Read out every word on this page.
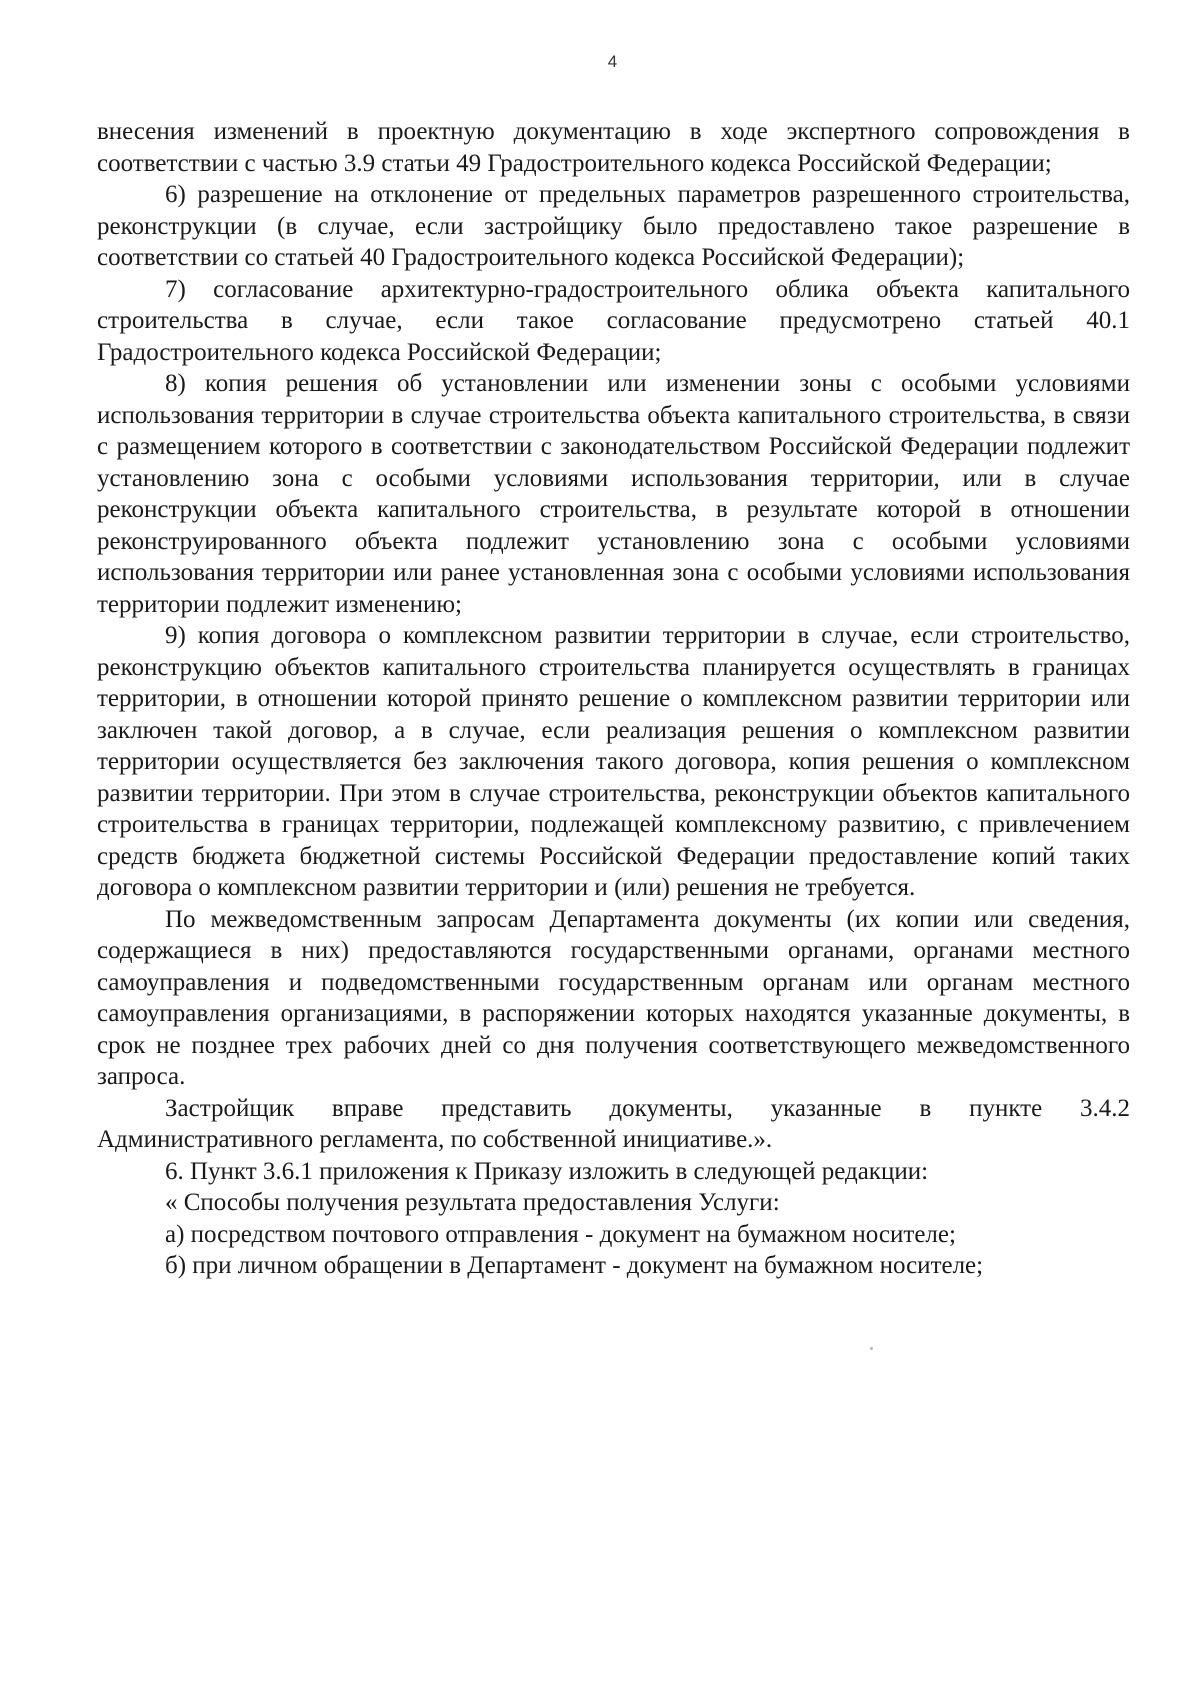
4

внесения изменений в проектную документацию в ходе экспертного сопровождения в соответствии с частью 3.9 статьи 49 Градостроительного кодекса Российской Федерации;

6) разрешение на отклонение от предельных параметров разрешенного строительства, реконструкции (в случае, если застройщику было предоставлено такое разрешение в соответствии со статьей 40 Градостроительного кодекса Российской Федерации);

7) согласование архитектурно-градостроительного облика объекта капитального строительства в случае, если такое согласование предусмотрено статьей 40.1 Градостроительного кодекса Российской Федерации;

8) копия решения об установлении или изменении зоны с особыми условиями использования территории в случае строительства объекта капитального строительства, в связи с размещением которого в соответствии с законодательством Российской Федерации подлежит установлению зона с особыми условиями использования территории, или в случае реконструкции объекта капитального строительства, в результате которой в отношении реконструированного объекта подлежит установлению зона с особыми условиями использования территории или ранее установленная зона с особыми условиями использования территории подлежит изменению;

9) копия договора о комплексном развитии территории в случае, если строительство, реконструкцию объектов капитального строительства планируется осуществлять в границах территории, в отношении которой принято решение о комплексном развитии территории или заключен такой договор, а в случае, если реализация решения о комплексном развитии территории осуществляется без заключения такого договора, копия решения о комплексном развитии территории. При этом в случае строительства, реконструкции объектов капитального строительства в границах территории, подлежащей комплексному развитию, с привлечением средств бюджета бюджетной системы Российской Федерации предоставление копий таких договора о комплексном развитии территории и (или) решения не требуется.

По межведомственным запросам Департамента документы (их копии или сведения, содержащиеся в них) предоставляются государственными органами, органами местного самоуправления и подведомственными государственным органам или органам местного самоуправления организациями, в распоряжении которых находятся указанные документы, в срок не позднее трех рабочих дней со дня получения соответствующего межведомственного запроса.

Застройщик вправе представить документы, указанные в пункте 3.4.2 Административного регламента, по собственной инициативе.».

6. Пункт 3.6.1 приложения к Приказу изложить в следующей редакции:

« Способы получения результата предоставления Услуги:

а) посредством почтового отправления - документ на бумажном носителе;

б) при личном обращении в Департамент - документ на бумажном носителе;
